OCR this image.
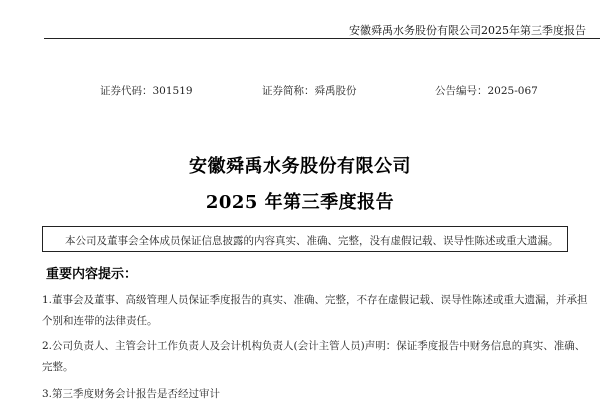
安徽舜禹水务股份有限公司2025年第三季度报告
证券代码：301519	证券简称：舜禹股份	公告编号：2025-067
安徽舜禹水务股份有限公司
2025 年第三季度报告
本公司及董事会全体成员保证信息披露的内容真实、准确、完整，没有虚假记载、误导性陈述或重大遗漏。
重要内容提示：
1.董事会及董事、高级管理人员保证季度报告的真实、准确、完整，不存在虚假记载、误导性陈述或重大遗漏，并承担
个别和连带的法律责任。
2.公司负责人、主管会计工作负责人及会计机构负责人(会计主管人员)声明：保证季度报告中财务信息的真实、准确、
完整。
3.第三季度财务会计报告是否经过审计
